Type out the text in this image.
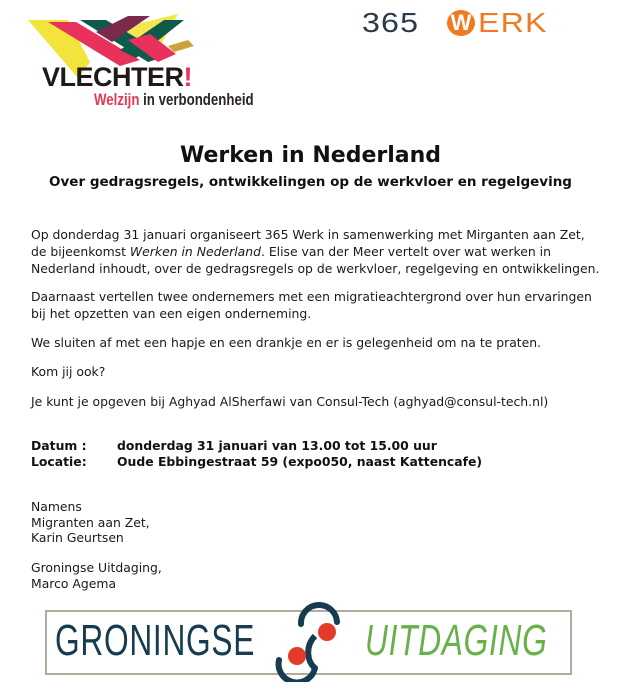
VLECHTER!
Welzijn in verbondenheid
365 W ERK
Werken in Nederland
Over gedragsregels, ontwikkelingen op de werkvloer en regelgeving
Op donderdag 31 januari organiseert 365 Werk in samenwerking met Mirganten aan Zet, de bijeenkomst Werken in Nederland. Elise van der Meer vertelt over wat werken in Nederland inhoudt, over de gedragsregels op de werkvloer, regelgeving en ontwikkelingen.
Daarnaast vertellen twee ondernemers met een migratieachtergrond over hun ervaringen bij het opzetten van een eigen onderneming.
We sluiten af met een hapje en een drankje en er is gelegenheid om na te praten.
Kom jij ook?
Je kunt je opgeven bij Aghyad AlSherfawi van Consul-Tech (aghyad@consul-tech.nl)
Datum : donderdag 31 januari van 13.00 tot 15.00 uur
Locatie: Oude Ebbingestraat 59 (expo050, naast Kattencafe)
Namens
Migranten aan Zet,
Karin Geurtsen
Groningse Uitdaging,
Marco Agema
GRONINGSE UITDAGING
